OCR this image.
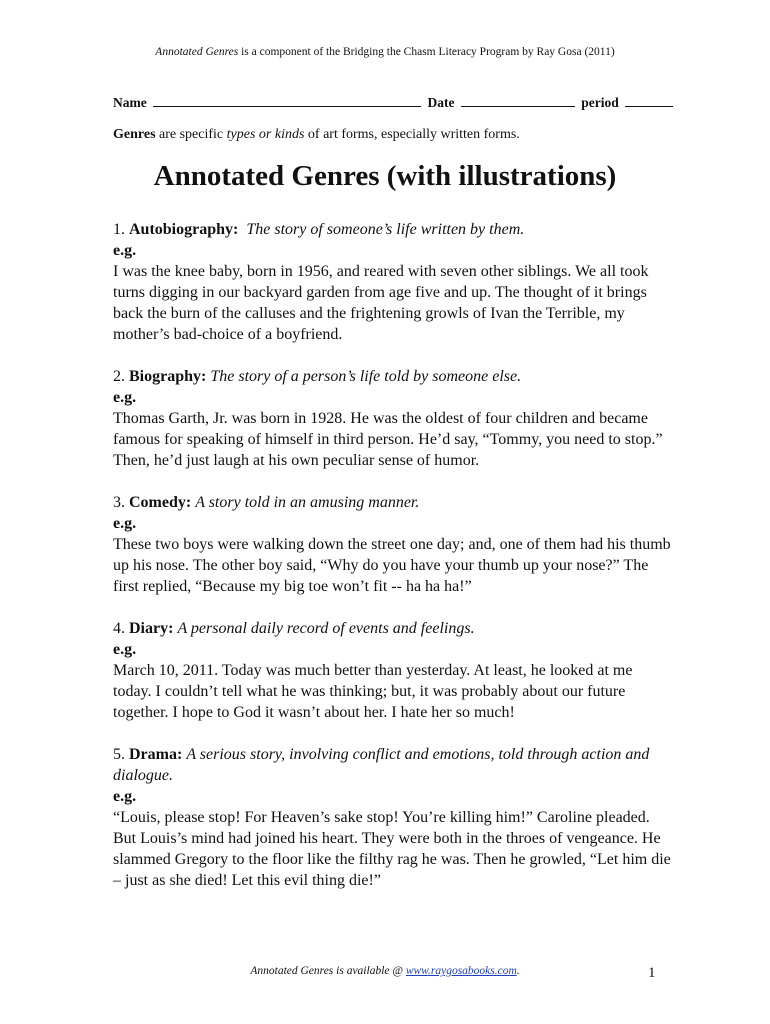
Annotated Genres is a component of the Bridging the Chasm Literacy Program by Ray Gosa (2011)
Name	Date	period
Genres are specific types or kinds of art forms, especially written forms.
Annotated Genres (with illustrations)
1. Autobiography: The story of someone’s life written by them.
e.g.
I was the knee baby, born in 1956, and reared with seven other siblings. We all took turns digging in our backyard garden from age five and up. The thought of it brings back the burn of the calluses and the frightening growls of Ivan the Terrible, my mother’s bad-choice of a boyfriend.
2. Biography: The story of a person’s life told by someone else.
e.g.
Thomas Garth, Jr. was born in 1928. He was the oldest of four children and became famous for speaking of himself in third person. He’d say, “Tommy, you need to stop.” Then, he’d just laugh at his own peculiar sense of humor.
3. Comedy: A story told in an amusing manner.
e.g.
These two boys were walking down the street one day; and, one of them had his thumb up his nose. The other boy said, “Why do you have your thumb up your nose?” The first replied, “Because my big toe won’t fit -- ha ha ha!”
4. Diary: A personal daily record of events and feelings.
e.g.
March 10, 2011. Today was much better than yesterday. At least, he looked at me today. I couldn’t tell what he was thinking; but, it was probably about our future together. I hope to God it wasn’t about her. I hate her so much!
5. Drama: A serious story, involving conflict and emotions, told through action and dialogue.
e.g.
“Louis, please stop! For Heaven’s sake stop! You’re killing him!” Caroline pleaded. But Louis’s mind had joined his heart. They were both in the throes of vengeance. He slammed Gregory to the floor like the filthy rag he was. Then he growled, “Let him die – just as she died! Let this evil thing die!”
Annotated Genres is available @ www.raygosabooks.com.	1
